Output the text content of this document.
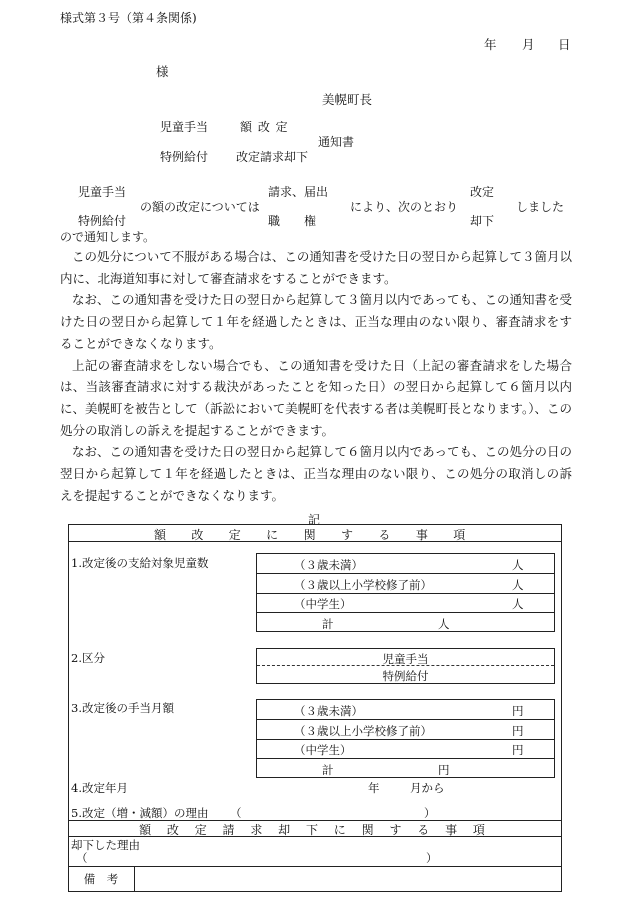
様式第３号（第４条関係)
年 月 日
様
美幌町長
児童手当
特例給付
額 改 定
改定請求却下
通知書
児童手当
特例給付
の額の改定については
請求、届出
職　　権
により、次のとおり
改定
却下
しました
ので通知します。

この処分について不服がある場合は、この通知書を受けた日の翌日から起算して３箇月以内に、北海道知事に対して審査請求をすることができます。

なお、この通知書を受けた日の翌日から起算して３箇月以内であっても、この通知書を受けた日の翌日から起算して１年を経過したときは、正当な理由のない限り、審査請求をすることができなくなります。

上記の審査請求をしない場合でも、この通知書を受けた日（上記の審査請求をした場合は、当該審査請求に対する裁決があったことを知った日）の翌日から起算して６箇月以内に、美幌町を被告として（訴訟において美幌町を代表する者は美幌町長となります。）、この処分の取消しの訴えを提起することができます。

なお、この通知書を受けた日の翌日から起算して６箇月以内であっても、この処分の日の翌日から起算して１年を経過したときは、正当な理由のない限り、この処分の取消しの訴えを提起することができなくなります。

記
額 改 定 に 関 す る 事 項
1.改定後の支給対象児童数	（３歳未満）	人
（３歳以上小学校修了前）	人
（中学生）	人
計	人
2.区分	児童手当
特例給付
3.改定後の手当月額	（３歳未満）	円
（３歳以上小学校修了前）	円
（中学生）	円
計	円
4.改定年月	年	月から
5.改定（増・減額）の理由 （	）
額 改 定 請 求 却 下 に 関 す る 事 項
却下した理由
（	）
備　考
